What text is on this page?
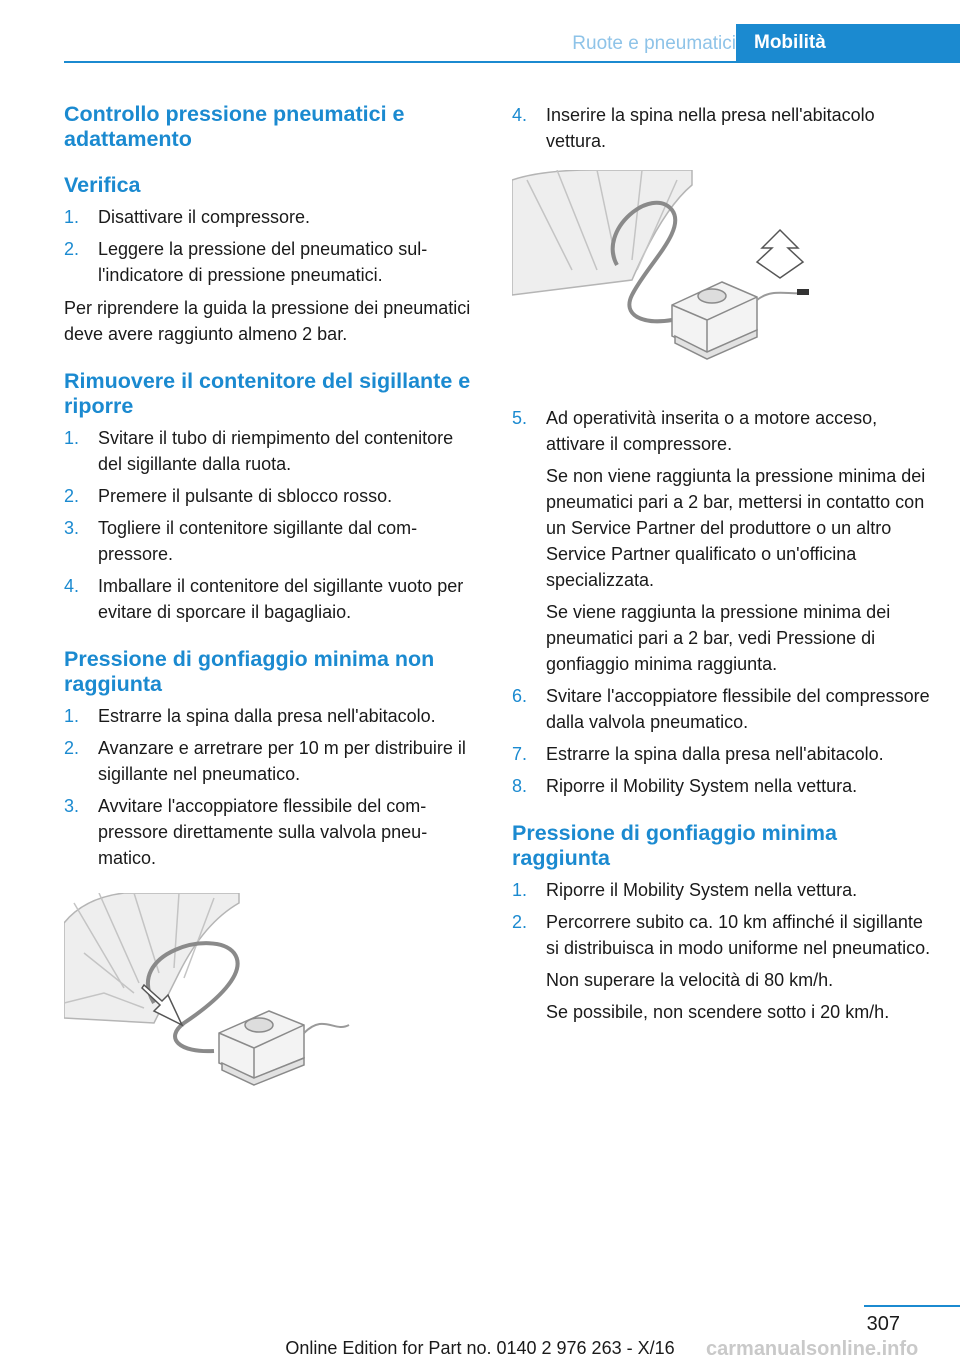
Ruote e pneumatici Mobilità
Controllo pressione pneumatici e adattamento
Verifica
1. Disattivare il compressore.
2. Leggere la pressione del pneumatico sull'indicatore di pressione pneumatici.

Per riprendere la guida la pressione dei pneumatici deve avere raggiunto almeno 2 bar.

Rimuovere il contenitore del sigillante e riporre
1. Svitare il tubo di riempimento del contenitore del sigillante dalla ruota.
2. Premere il pulsante di sblocco rosso.
3. Togliere il contenitore sigillante dal compressore.
4. Imballare il contenitore del sigillante vuoto per evitare di sporcare il bagagliaio.
Pressione di gonfiaggio minima non raggiunta
1. Estrarre la spina dalla presa nell'abitacolo.
2. Avanzare e arretrare per 10 m per distribuire il sigillante nel pneumatico.
3. Avvitare l'accoppiatore flessibile del compressore direttamente sulla valvola pneumatico.
4. Inserire la spina nella presa nell'abitacolo vettura.
5. Ad operatività inserita o a motore acceso, attivare il compressore.
Se non viene raggiunta la pressione minima dei pneumatici pari a 2 bar, mettersi in contatto con un Service Partner del produttore o un altro Service Partner qualificato o un'officina specializzata.
Se viene raggiunta la pressione minima dei pneumatici pari a 2 bar, vedi Pressione di gonfiaggio minima raggiunta.
6. Svitare l'accoppiatore flessibile del compressore dalla valvola pneumatico.
7. Estrarre la spina dalla presa nell'abitacolo.
8. Riporre il Mobility System nella vettura.
Pressione di gonfiaggio minima raggiunta
1. Riporre il Mobility System nella vettura.
2. Percorrere subito ca. 10 km affinché il sigillante si distribuisca in modo uniforme nel pneumatico.
Non superare la velocità di 80 km/h.
Se possibile, non scendere sotto i 20 km/h.
307
Online Edition for Part no. 0140 2 976 263 - X/16	carmanualsonline.info
